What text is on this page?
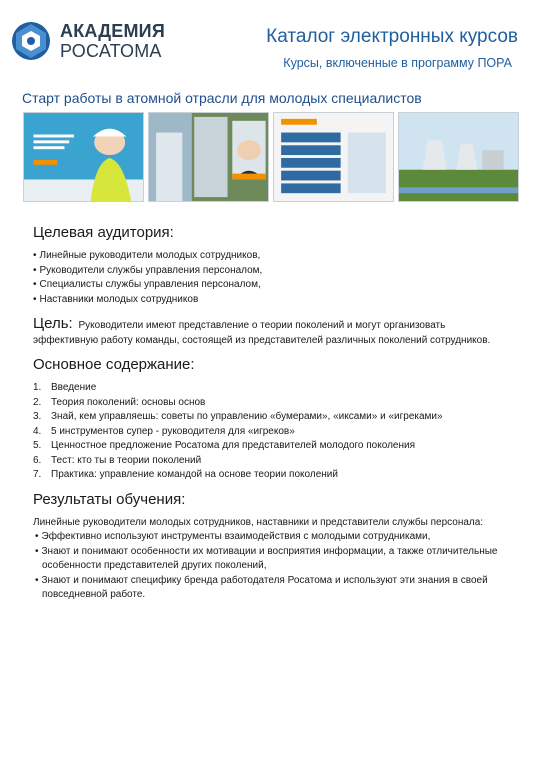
АКАДЕМИЯ
РОСАТОМА
Каталог электронных курсов
Курсы, включенные в программу ПОРА
Старт работы в атомной отрасли для молодых специалистов
Целевая аудитория:
• Линейные руководители молодых сотрудников,
• Руководители службы управления персоналом,
• Специалисты службы управления персоналом,
• Наставники молодых сотрудников
Цель: Руководители имеют представление о теории поколений и могут организовать эффективную работу команды, состоящей из представителей различных поколений сотрудников.
Основное содержание:
1. Введение
2. Теория поколений: основы основ
3. Знай, кем управляешь: советы по управлению «бумерами», «иксами» и «игреками»
4. 5 инструментов супер - руководителя для «игреков»
5. Ценностное предложение Росатома для представителей молодого поколения
6. Тест: кто ты в теории поколений
7. Практика: управление командой на основе теории поколений
Результаты обучения:
Линейные руководители молодых сотрудников, наставники и представители службы персонала:
• Эффективно используют инструменты взаимодействия с молодыми сотрудниками,
• Знают и понимают особенности их мотивации и восприятия информации, а также отличительные особенности представителей других поколений,
• Знают и понимают специфику бренда работодателя Росатома и используют эти знания в своей повседневной работе.
